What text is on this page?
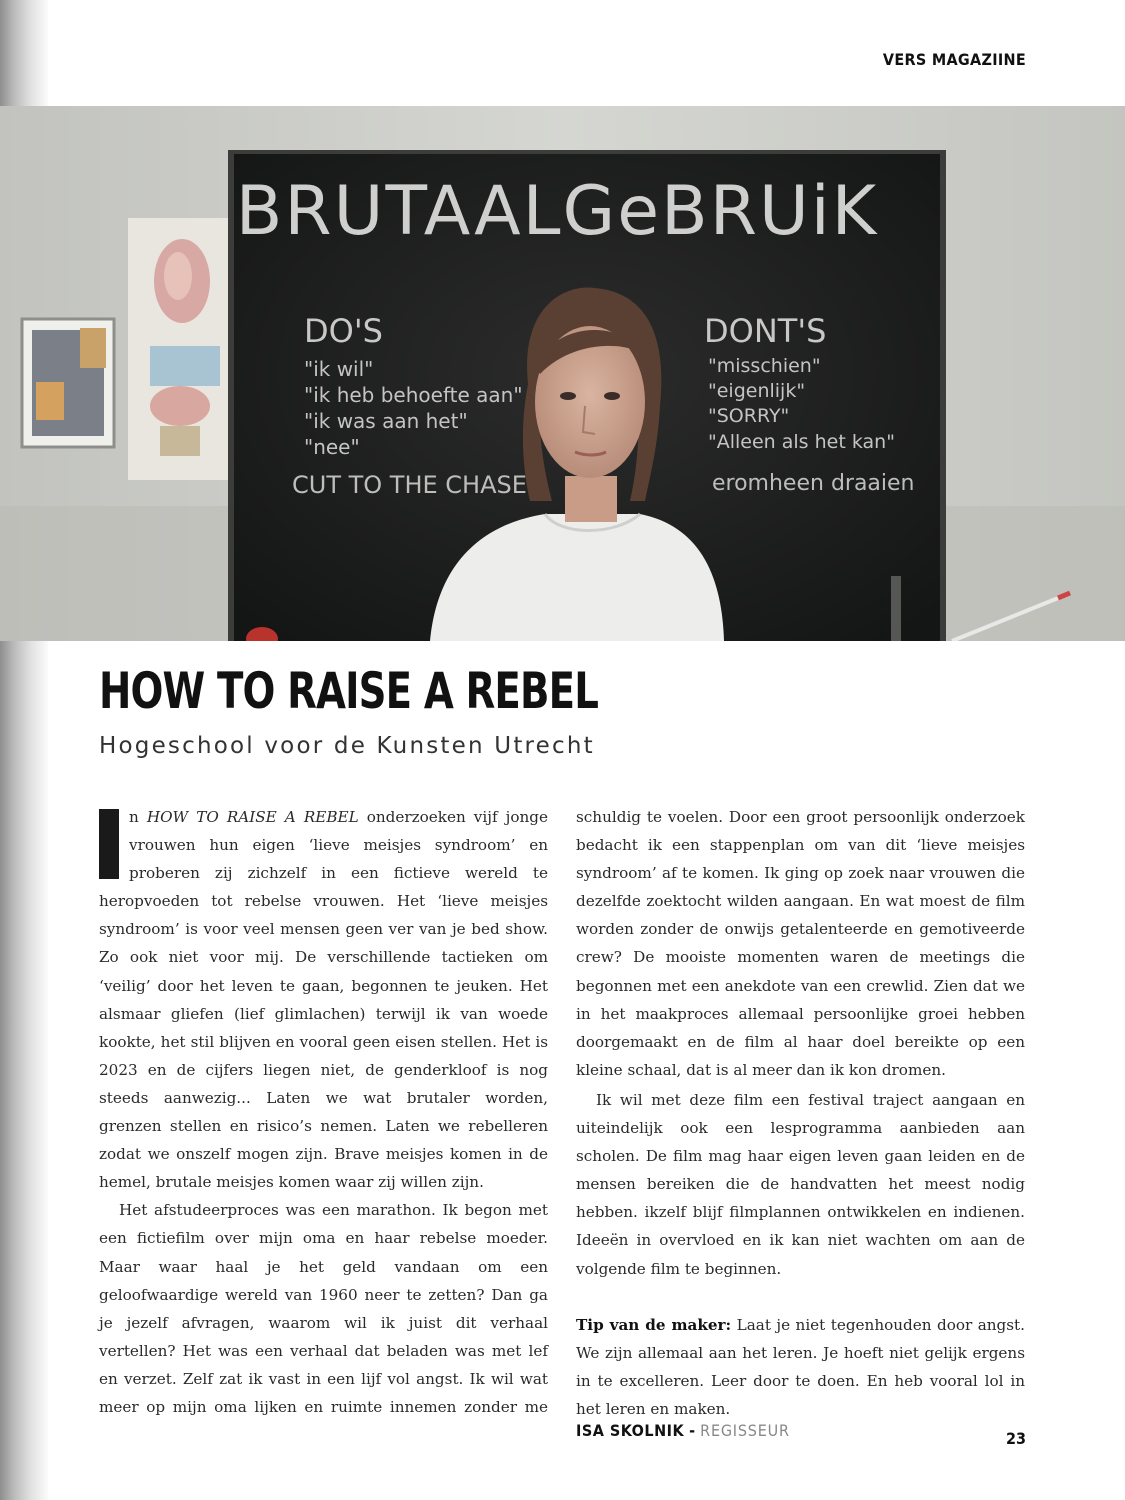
VERS MAGAZIINE
BRUTAALGeBRUiK
DO'S
"ik wil"
"ik heb behoefte aan"
"ik was aan het"
"nee"
CUT TO THE CHASE
DONT'S
"misschien"
"eigenlijk"
"SORRY"
"Alleen als het kan"
eromheen draaien
HOW TO RAISE A REBEL
Hogeschool voor de Kunsten Utrecht

n HOW TO RAISE A REBEL onderzoeken vijf jonge vrouwen hun eigen ‘lieve meisjes syndroom’ en proberen zij zichzelf in een fictieve wereld te heropvoeden tot rebelse vrouwen. Het ‘lieve meisjes syndroom’ is voor veel mensen geen ver van je bed show. Zo ook niet voor mij. De verschillende tactieken om ‘veilig’ door het leven te gaan, begonnen te jeuken. Het alsmaar gliefen (lief glimlachen) terwijl ik van woede kookte, het stil blijven en vooral geen eisen stellen. Het is 2023 en de cijfers liegen niet, de genderkloof is nog steeds aanwezig... Laten we wat brutaler worden, grenzen stellen en risico’s nemen. Laten we rebelleren zodat we onszelf mogen zijn. Brave meisjes komen in de hemel, brutale meisjes komen waar zij willen zijn.

Het afstudeerproces was een marathon. Ik begon met een fictiefilm over mijn oma en haar rebelse moeder. Maar waar haal je het geld vandaan om een geloofwaardige wereld van 1960 neer te zetten? Dan ga je jezelf afvragen, waarom wil ik juist dit verhaal vertellen? Het was een verhaal dat beladen was met lef en verzet. Zelf zat ik vast in een lijf vol angst. Ik wil wat meer op mijn oma lijken en ruimte innemen zonder me

schuldig te voelen. Door een groot persoonlijk onderzoek bedacht ik een stappenplan om van dit ‘lieve meisjes syndroom’ af te komen. Ik ging op zoek naar vrouwen die dezelfde zoektocht wilden aangaan. En wat moest de film worden zonder de onwijs getalenteerde en gemotiveerde crew? De mooiste momenten waren de meetings die begonnen met een anekdote van een crewlid. Zien dat we in het maakproces allemaal persoonlijke groei hebben doorgemaakt en de film al haar doel bereikte op een kleine schaal, dat is al meer dan ik kon dromen.

Ik wil met deze film een festival traject aangaan en uiteindelijk ook een lesprogramma aanbieden aan scholen. De film mag haar eigen leven gaan leiden en de mensen bereiken die de handvatten het meest nodig hebben. ikzelf blijf filmplannen ontwikkelen en indienen. Ideeën in overvloed en ik kan niet wachten om aan de volgende film te beginnen.

Tip van de maker: Laat je niet tegenhouden door angst. We zijn allemaal aan het leren. Je hoeft niet gelijk ergens in te excelleren. Leer door te doen. En heb vooral lol in het leren en maken.

ISA SKOLNIK - REGISSEUR	23
